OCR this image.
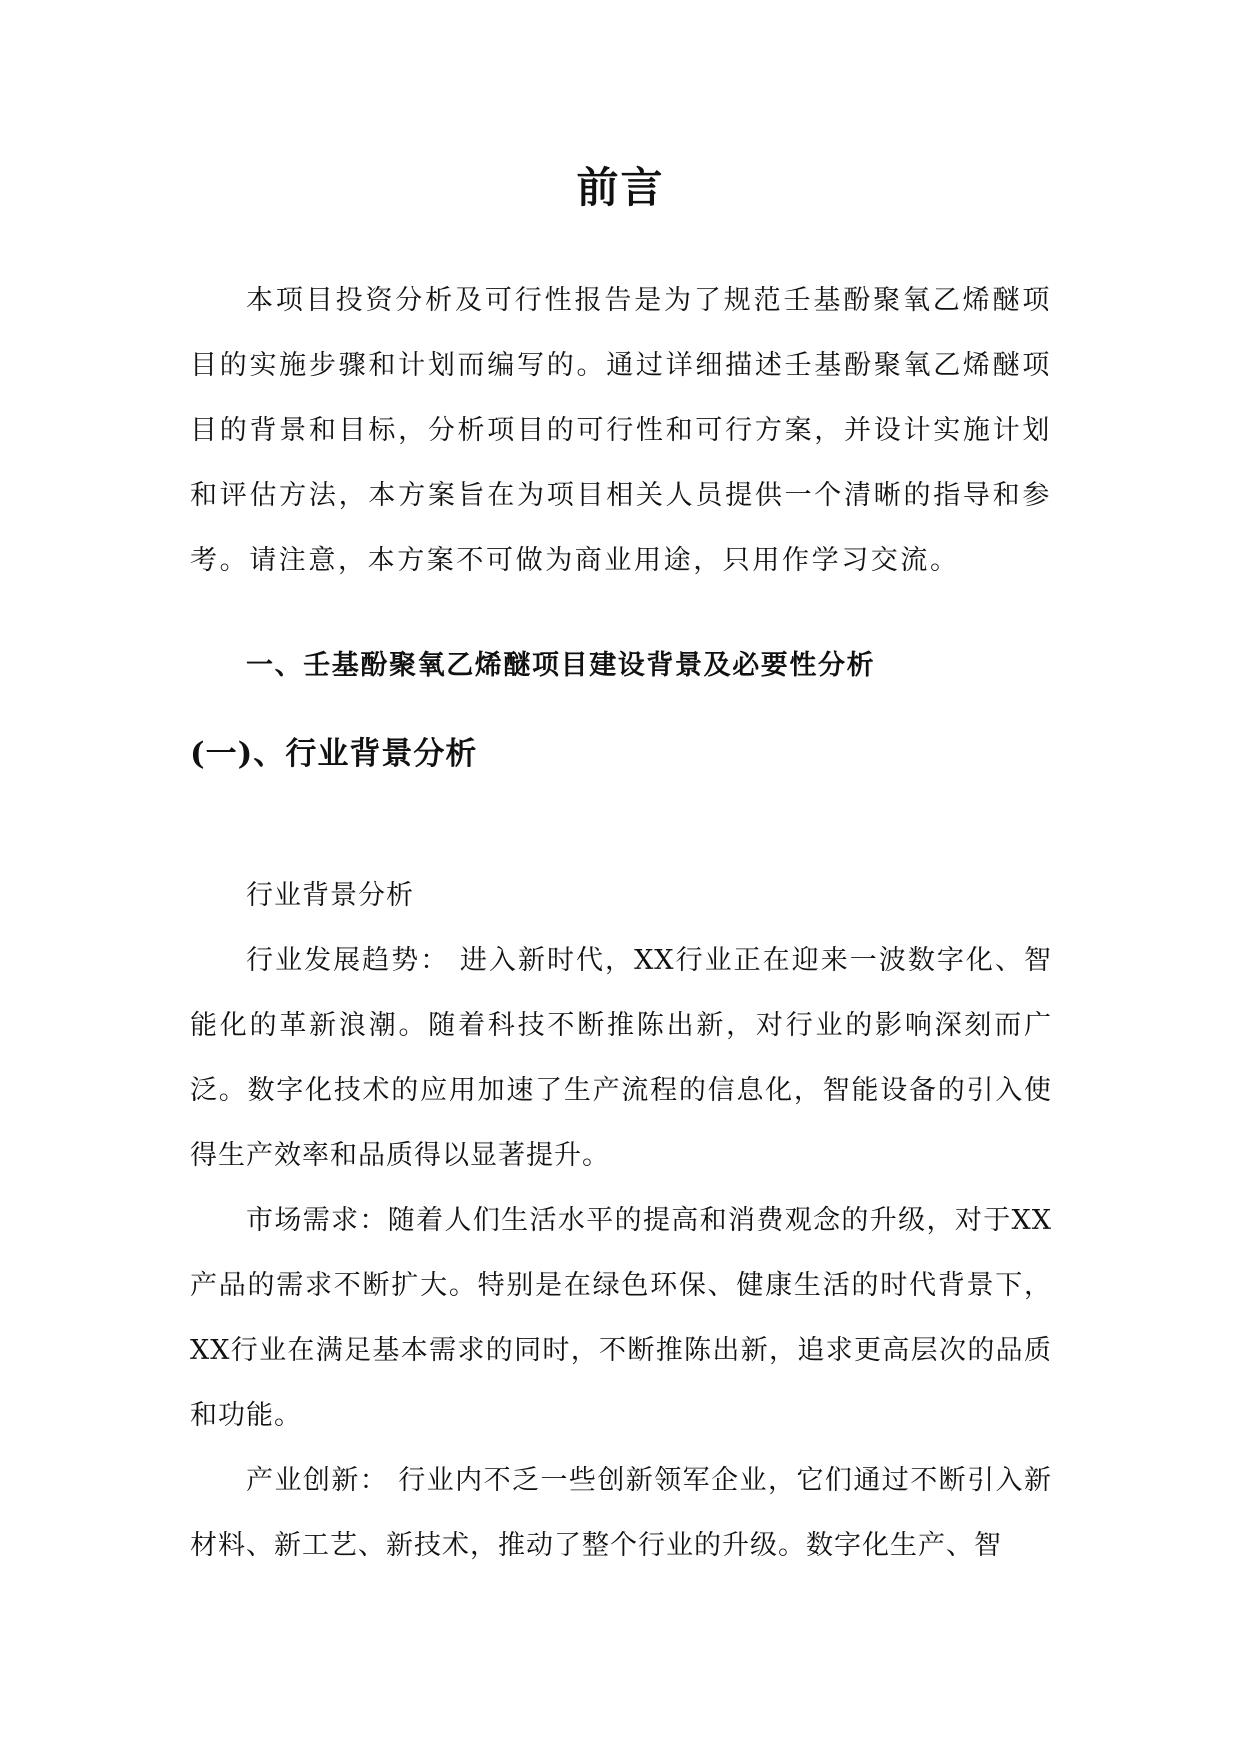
前言

本项目投资分析及可行性报告是为了规范壬基酚聚氧乙烯醚项目的实施步骤和计划而编写的。通过详细描述壬基酚聚氧乙烯醚项目的背景和目标，分析项目的可行性和可行方案，并设计实施计划和评估方法，本方案旨在为项目相关人员提供一个清晰的指导和参考。请注意，本方案不可做为商业用途，只用作学习交流。

一、壬基酚聚氧乙烯醚项目建设背景及必要性分析

(一)、行业背景分析

行业背景分析

行业发展趋势： 进入新时代，XX行业正在迎来一波数字化、智能化的革新浪潮。随着科技不断推陈出新，对行业的影响深刻而广泛。数字化技术的应用加速了生产流程的信息化，智能设备的引入使得生产效率和品质得以显著提升。

市场需求：随着人们生活水平的提高和消费观念的升级，对于XX产品的需求不断扩大。特别是在绿色环保、健康生活的时代背景下，XX行业在满足基本需求的同时，不断推陈出新，追求更高层次的品质和功能。

产业创新： 行业内不乏一些创新领军企业，它们通过不断引入新材料、新工艺、新技术，推动了整个行业的升级。数字化生产、智
